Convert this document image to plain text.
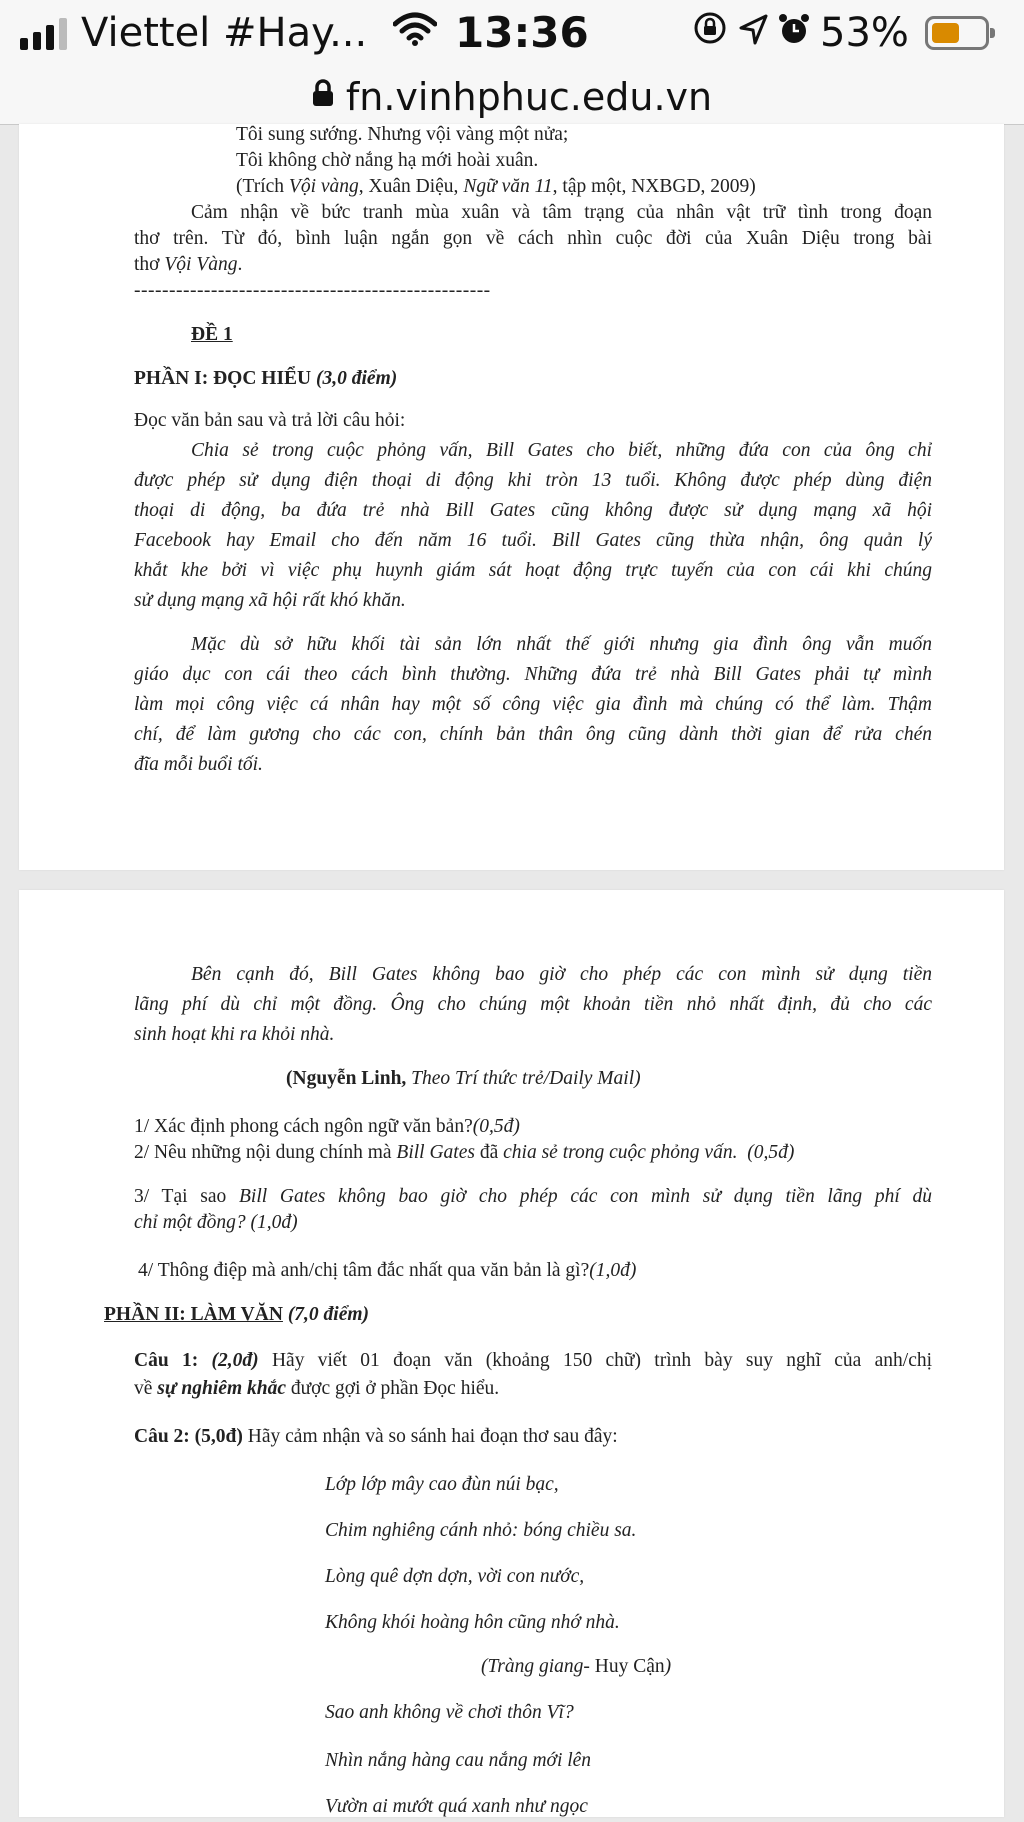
Viettel #Hay... 13:36	53%
fn.vinhphuc.edu.vn

Tôi sung sướng. Nhưng vội vàng một nửa;

Tôi không chờ nắng hạ mới hoài xuân.

(Trích Vội vàng, Xuân Diệu, Ngữ văn 11, tập một, NXBGD, 2009)

Cảm nhận về bức tranh mùa xuân và tâm trạng của nhân vật trữ tình trong đoạn

thơ trên. Từ đó, bình luận ngắn gọn về cách nhìn cuộc đời của Xuân Diệu trong bài

thơ Vội Vàng.

---------------------------------------------------

ĐỀ 1

PHẦN I: ĐỌC HIỂU (3,0 điểm)

Đọc văn bản sau và trả lời câu hỏi:

Chia sẻ trong cuộc phỏng vấn, Bill Gates cho biết, những đứa con của ông chỉ

được phép sử dụng điện thoại di động khi tròn 13 tuổi. Không được phép dùng điện

thoại di động, ba đứa trẻ nhà Bill Gates cũng không được sử dụng mạng xã hội

Facebook hay Email cho đến năm 16 tuổi. Bill Gates cũng thừa nhận, ông quản lý

khắt khe bởi vì việc phụ huynh giám sát hoạt động trực tuyến của con cái khi chúng

sử dụng mạng xã hội rất khó khăn.

Mặc dù sở hữu khối tài sản lớn nhất thế giới nhưng gia đình ông vẫn muốn

giáo dục con cái theo cách bình thường. Những đứa trẻ nhà Bill Gates phải tự mình

làm mọi công việc cá nhân hay một số công việc gia đình mà chúng có thể làm. Thậm

chí, để làm gương cho các con, chính bản thân ông cũng dành thời gian để rửa chén

đĩa mỗi buổi tối.

Bên cạnh đó, Bill Gates không bao giờ cho phép các con mình sử dụng tiền

lãng phí dù chỉ một đồng. Ông cho chúng một khoản tiền nhỏ nhất định, đủ cho các

sinh hoạt khi ra khỏi nhà.

(Nguyễn Linh, Theo Trí thức trẻ/Daily Mail)

1/ Xác định phong cách ngôn ngữ văn bản?(0,5đ)

2/ Nêu những nội dung chính mà Bill Gates đã chia sẻ trong cuộc phỏng vấn. (0,5đ)

3/ Tại sao Bill Gates không bao giờ cho phép các con mình sử dụng tiền lãng phí dù

chỉ một đồng? (1,0đ)

4/ Thông điệp mà anh/chị tâm đắc nhất qua văn bản là gì?(1,0đ)

PHẦN II: LÀM VĂN (7,0 điểm)

Câu 1: (2,0đ) Hãy viết 01 đoạn văn (khoảng 150 chữ) trình bày suy nghĩ của anh/chị

về sự nghiêm khắc được gợi ở phần Đọc hiểu.

Câu 2: (5,0đ) Hãy cảm nhận và so sánh hai đoạn thơ sau đây:

Lớp lớp mây cao đùn núi bạc,

Chim nghiêng cánh nhỏ: bóng chiều sa.

Lòng quê dợn dợn, vời con nước,

Không khói hoàng hôn cũng nhớ nhà.

(Tràng giang- Huy Cận)

Sao anh không về chơi thôn Vĩ?

Nhìn nắng hàng cau nắng mới lên

Vườn ai mướt quá xanh như ngọc
